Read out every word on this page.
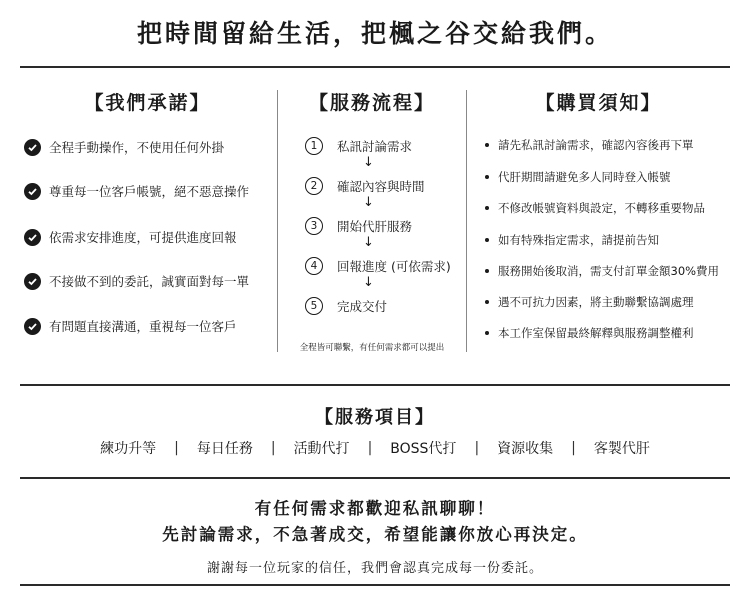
把時間留給生活，把楓之谷交給我們。
【我們承諾】
全程手動操作，不使用任何外掛
尊重每一位客戶帳號，絕不惡意操作
依需求安排進度，可提供進度回報
不接做不到的委託，誠實面對每一單
有問題直接溝通，重視每一位客戶
【服務流程】
1	私訊討論需求
↓
2	確認內容與時間
↓
3	開始代肝服務
↓
4	回報進度 (可依需求)
↓
5	完成交付
全程皆可聯繫，有任何需求都可以提出
【購買須知】
請先私訊討論需求，確認內容後再下單
代肝期間請避免多人同時登入帳號
不修改帳號資料與設定，不轉移重要物品
如有特殊指定需求，請提前告知
服務開始後取消，需支付訂單金額30%費用
遇不可抗力因素，將主動聯繫協調處理
本工作室保留最終解釋與服務調整權利
【服務項目】
練功升等	|	每日任務	|	活動代打	|	BOSS代打	|	資源收集	|	客製代肝
有任何需求都歡迎私訊聊聊！
先討論需求，不急著成交，希望能讓你放心再決定。
謝謝每一位玩家的信任，我們會認真完成每一份委託。
